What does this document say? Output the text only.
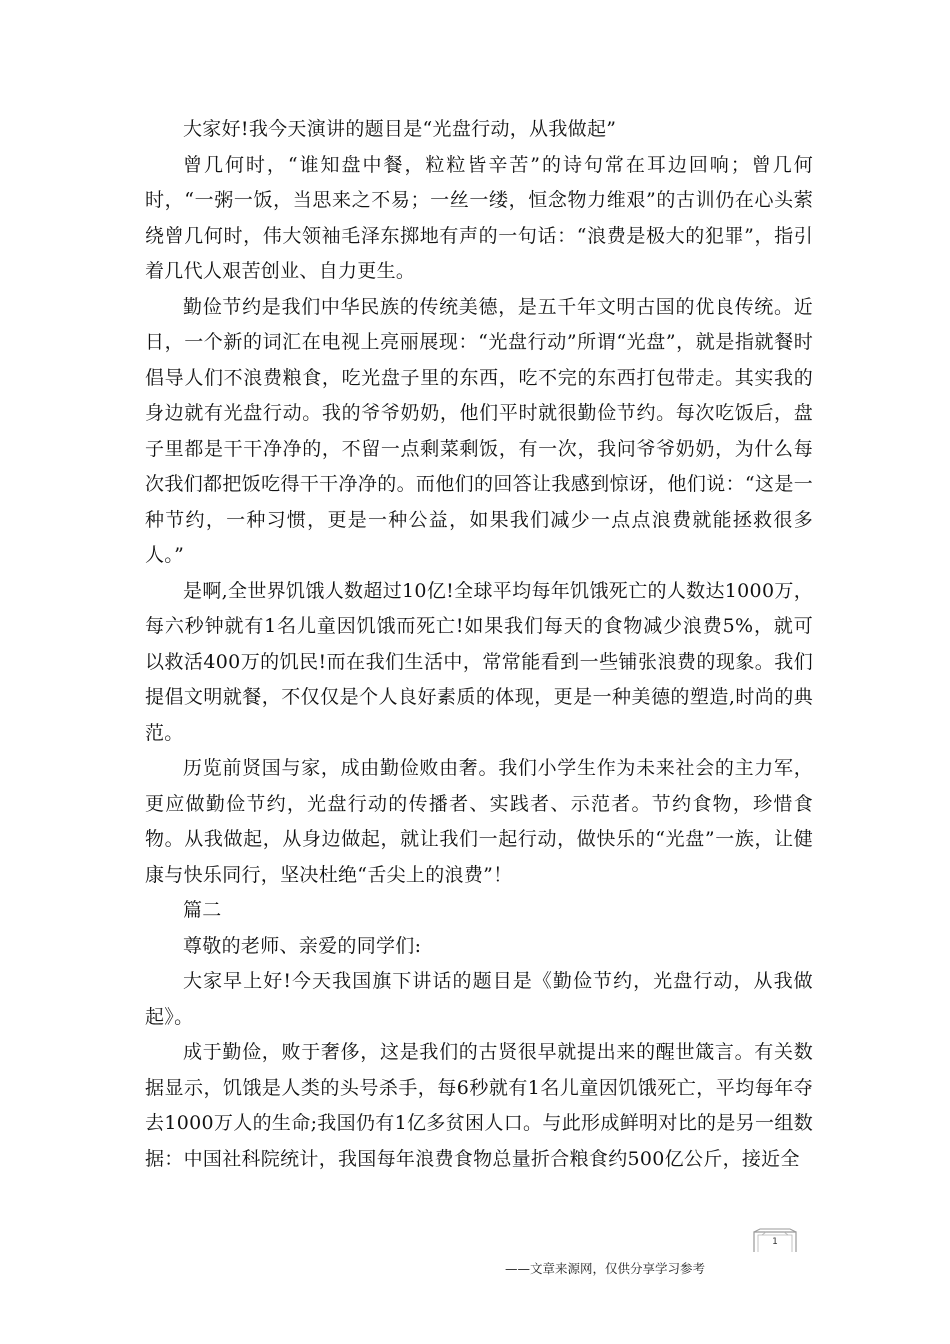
大家好!我今天演讲的题目是“光盘行动，从我做起”

曾几何时，“谁知盘中餐，粒粒皆辛苦”的诗句常在耳边回响；曾几何时，“一粥一饭，当思来之不易；一丝一缕，恒念物力维艰”的古训仍在心头萦绕曾几何时，伟大领袖毛泽东掷地有声的一句话：“浪费是极大的犯罪”，指引着几代人艰苦创业、自力更生。

勤俭节约是我们中华民族的传统美德，是五千年文明古国的优良传统。近日，一个新的词汇在电视上亮丽展现：“光盘行动”所谓“光盘”，就是指就餐时倡导人们不浪费粮食，吃光盘子里的东西，吃不完的东西打包带走。其实我的身边就有光盘行动。我的爷爷奶奶，他们平时就很勤俭节约。每次吃饭后，盘子里都是干干净净的，不留一点剩菜剩饭，有一次，我问爷爷奶奶，为什么每次我们都把饭吃得干干净净的。而他们的回答让我感到惊讶，他们说：“这是一种节约，一种习惯，更是一种公益，如果我们减少一点点浪费就能拯救很多人。”

是啊,全世界饥饿人数超过10亿!全球平均每年饥饿死亡的人数达1000万，每六秒钟就有1名儿童因饥饿而死亡!如果我们每天的食物减少浪费5%，就可以救活400万的饥民!而在我们生活中，常常能看到一些铺张浪费的现象。我们提倡文明就餐，不仅仅是个人良好素质的体现，更是一种美德的塑造,时尚的典范。

历览前贤国与家，成由勤俭败由奢。我们小学生作为未来社会的主力军，更应做勤俭节约，光盘行动的传播者、实践者、示范者。节约食物，珍惜食物。从我做起，从身边做起，就让我们一起行动，做快乐的“光盘”一族，让健康与快乐同行，坚决杜绝“舌尖上的浪费”！

篇二

尊敬的老师、亲爱的同学们:

大家早上好!今天我国旗下讲话的题目是《勤俭节约，光盘行动，从我做起》。

成于勤俭，败于奢侈，这是我们的古贤很早就提出来的醒世箴言。有关数据显示，饥饿是人类的头号杀手，每6秒就有1名儿童因饥饿死亡，平均每年夺去1000万人的生命;我国仍有1亿多贫困人口。与此形成鲜明对比的是另一组数据：中国社科院统计，我国每年浪费食物总量折合粮食约500亿公斤，接近全

1
——文章来源网，仅供分享学习参考
